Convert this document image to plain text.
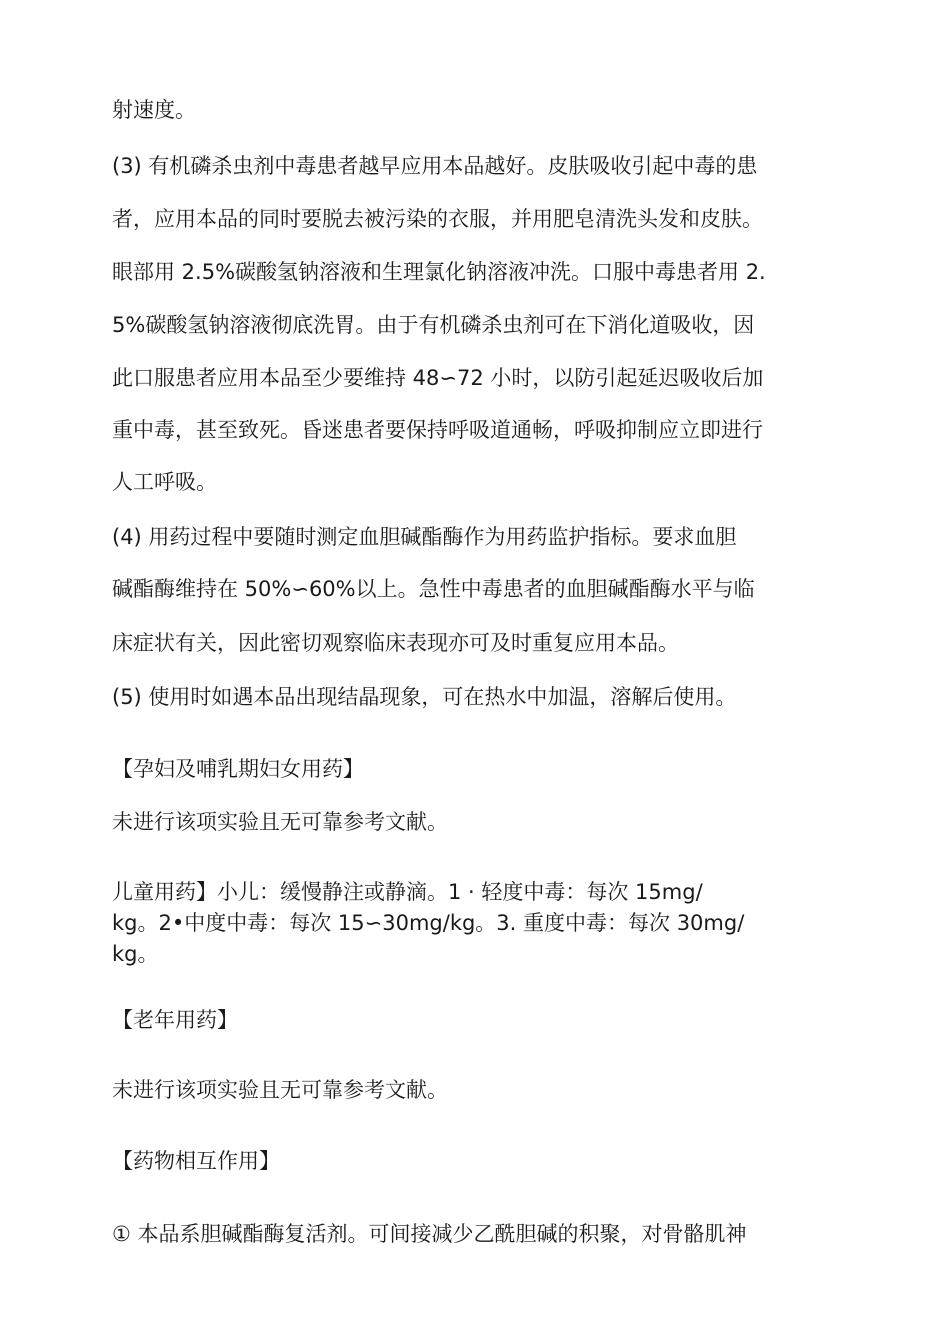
射速度。
(3) 有机磷杀虫剂中毒患者越早应用本品越好。皮肤吸收引起中毒的患
者，应用本品的同时要脱去被污染的衣服，并用肥皂清洗头发和皮肤。
眼部用 2.5%碳酸氢钠溶液和生理氯化钠溶液冲洗。口服中毒患者用 2.
5%碳酸氢钠溶液彻底洗胃。由于有机磷杀虫剂可在下消化道吸收，因
此口服患者应用本品至少要维持 48∽72 小时，以防引起延迟吸收后加
重中毒，甚至致死。昏迷患者要保持呼吸道通畅，呼吸抑制应立即进行
人工呼吸。
(4) 用药过程中要随时测定血胆碱酯酶作为用药监护指标。要求血胆
碱酯酶维持在 50%∽60%以上。急性中毒患者的血胆碱酯酶水平与临
床症状有关，因此密切观察临床表现亦可及时重复应用本品。
(5) 使用时如遇本品出现结晶现象，可在热水中加温，溶解后使用。
【孕妇及哺乳期妇女用药】
未进行该项实验且无可靠参考文献。
儿童用药】小儿：缓慢静注或静滴。1 · 轻度中毒：每次 15mg/
kg。2•中度中毒：每次 15∽30mg/kg。3. 重度中毒：每次 30mg/
kg。
【老年用药】
未进行该项实验且无可靠参考文献。
【药物相互作用】
① 本品系胆碱酯酶复活剂。可间接减少乙酰胆碱的积聚，对骨骼肌神
